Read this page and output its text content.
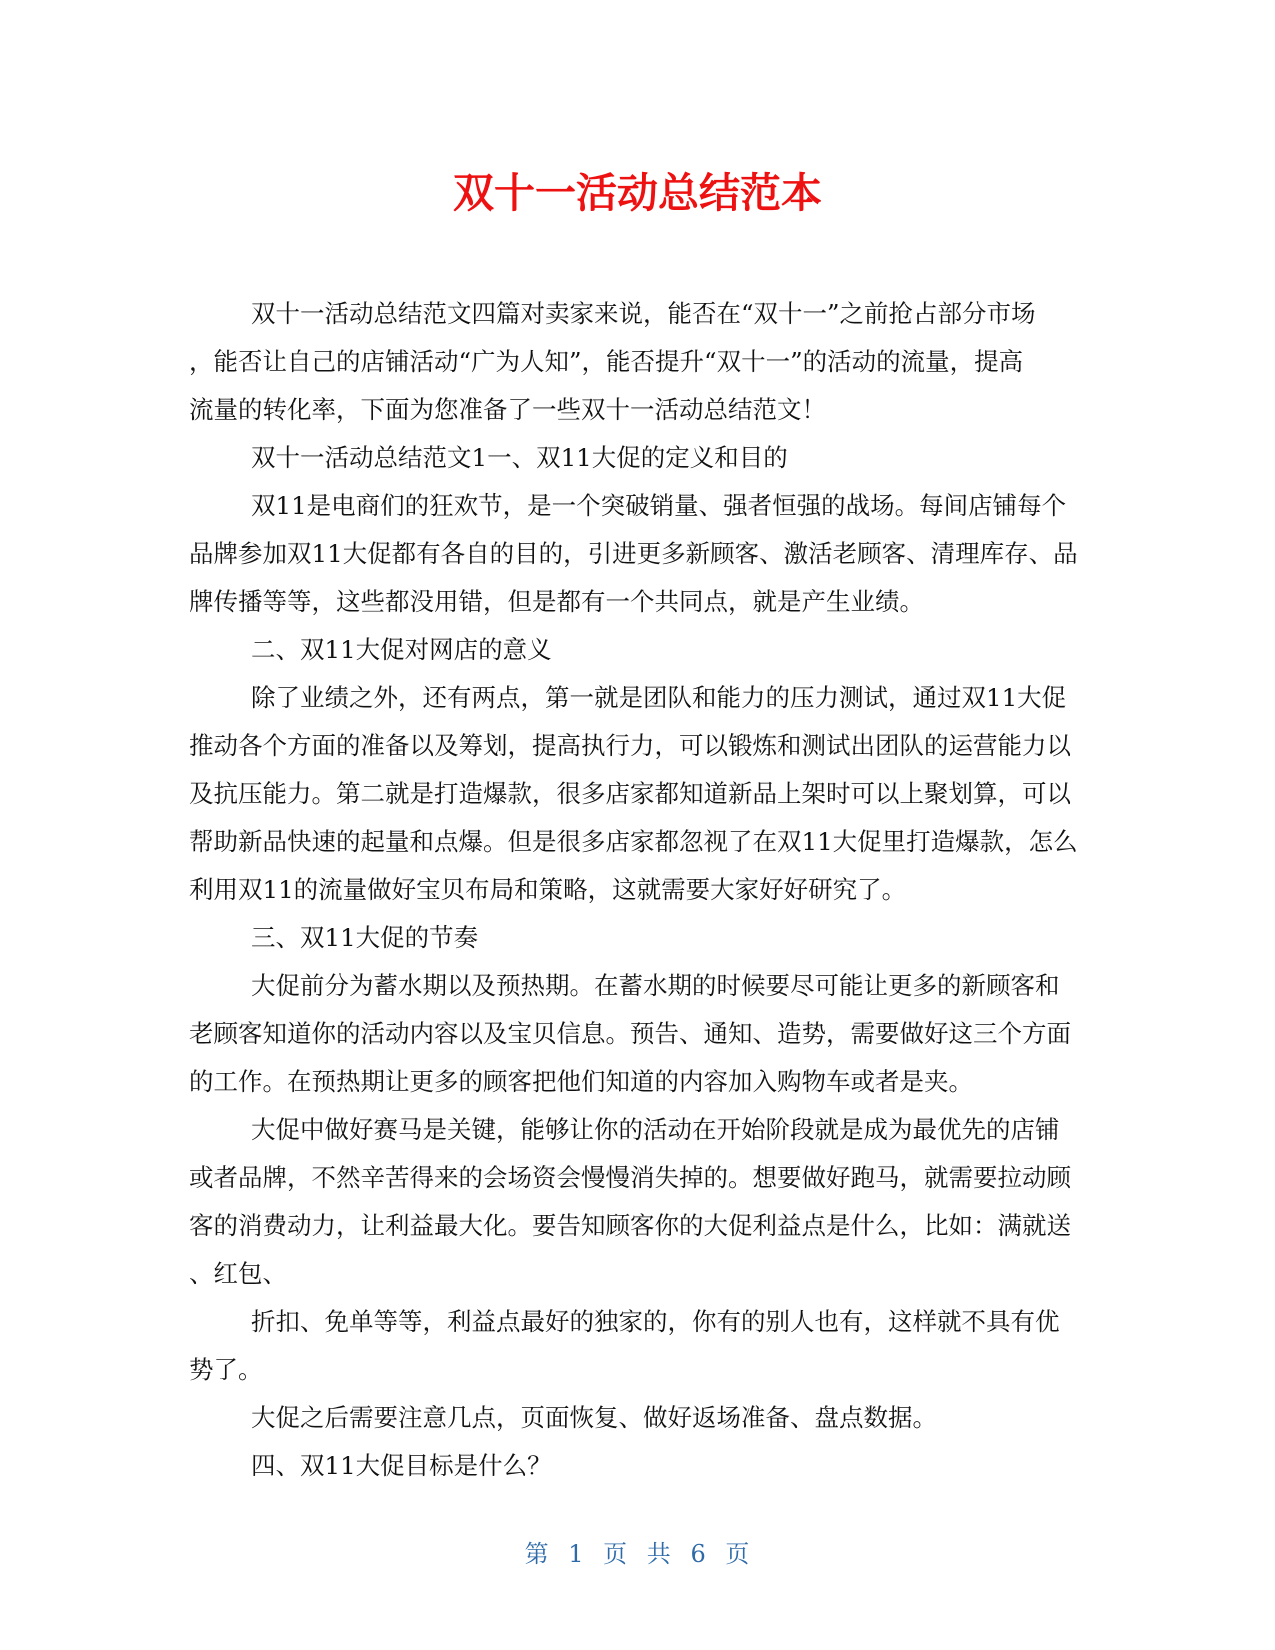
双十一活动总结范本

双十一活动总结范文四篇对卖家来说，能否在“双十一”之前抢占部分市场
，能否让自己的店铺活动“广为人知”，能否提升“双十一”的活动的流量，提高
流量的转化率，下面为您准备了一些双十一活动总结范文！

双十一活动总结范文1一、双11大促的定义和目的

双11是电商们的狂欢节，是一个突破销量、强者恒强的战场。每间店铺每个
品牌参加双11大促都有各自的目的，引进更多新顾客、激活老顾客、清理库存、品
牌传播等等，这些都没用错，但是都有一个共同点，就是产生业绩。

二、双11大促对网店的意义

除了业绩之外，还有两点，第一就是团队和能力的压力测试，通过双11大促
推动各个方面的准备以及筹划，提高执行力，可以锻炼和测试出团队的运营能力以
及抗压能力。第二就是打造爆款，很多店家都知道新品上架时可以上聚划算，可以
帮助新品快速的起量和点爆。但是很多店家都忽视了在双11大促里打造爆款，怎么
利用双11的流量做好宝贝布局和策略，这就需要大家好好研究了。

三、双11大促的节奏

大促前分为蓄水期以及预热期。在蓄水期的时候要尽可能让更多的新顾客和
老顾客知道你的活动内容以及宝贝信息。预告、通知、造势，需要做好这三个方面
的工作。在预热期让更多的顾客把他们知道的内容加入购物车或者是夹。

大促中做好赛马是关键，能够让你的活动在开始阶段就是成为最优先的店铺
或者品牌，不然辛苦得来的会场资会慢慢消失掉的。想要做好跑马，就需要拉动顾
客的消费动力，让利益最大化。要告知顾客你的大促利益点是什么，比如：满就送
、红包、

折扣、免单等等，利益点最好的独家的，你有的别人也有，这样就不具有优
势了。

大促之后需要注意几点，页面恢复、做好返场准备、盘点数据。

四、双11大促目标是什么？

第 1 页 共 6 页
